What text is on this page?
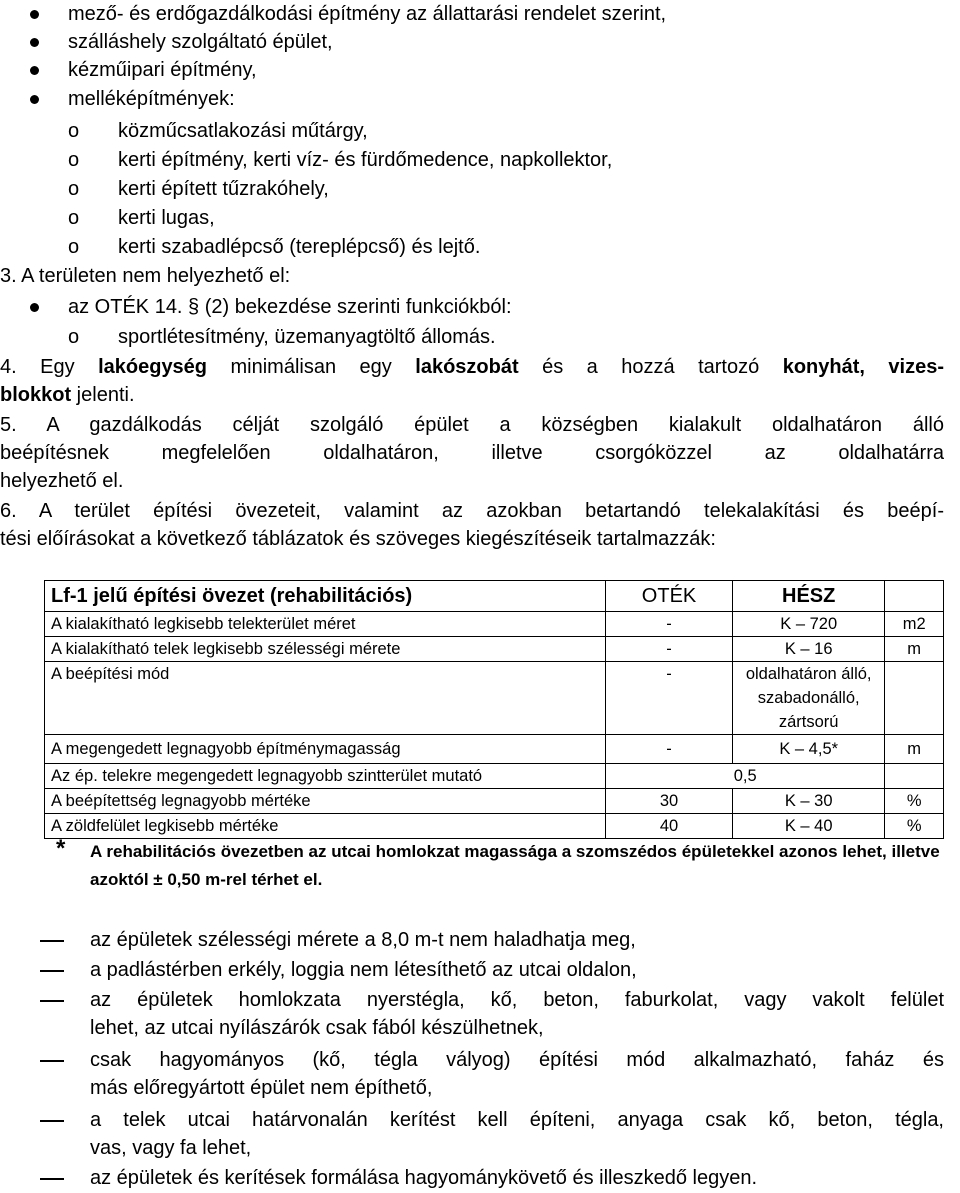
mező- és erdőgazdálkodási építmény az állattarási rendelet szerint,
szálláshely szolgáltató épület,
kézműipari építmény,
melléképítmények:
o közműcsatlakozási műtárgy,
o kerti építmény, kerti víz- és fürdőmedence, napkollektor,
o kerti épített tűzrakóhely,
o kerti lugas,
o kerti szabadlépcső (tereplépcső) és lejtő.
3. A területen nem helyezhető el:
az OTÉK 14. § (2) bekezdése szerinti funkciókból:
o sportlétesítmény, üzemanyagtöltő állomás.
4. Egy lakóegység minimálisan egy lakószobát és a hozzá tartozó konyhát, vizes-
blokkot jelenti.
5. A gazdálkodás célját szolgáló épület a községben kialakult oldalhatáron álló
beépítésnek megfelelően oldalhatáron, illetve csorgóközzel az oldalhatárra
helyezhető el.
6. A terület építési övezeteit, valamint az azokban betartandó telekalakítási és beépí-
tési előírásokat a következő táblázatok és szöveges kiegészítéseik tartalmazzák:
Lf-1 jelű építési övezet (rehabilitációs)	OTÉK	HÉSZ	
A kialakítható legkisebb telekterület méret	-	K – 720	m2
A kialakítható telek legkisebb szélességi mérete	-	K – 16	m
A beépítési mód	-	oldalhatáron álló, szabadonálló, zártsorú	
A megengedett legnagyobb építménymagasság	-	K – 4,5*	m
Az ép. telekre megengedett legnagyobb szintterület mutató	0,5		
A beépítettség legnagyobb mértéke	30	K – 30	%
A zöldfelület legkisebb mértéke	40	K – 40	%
* A rehabilitációs övezetben az utcai homlokzat magassága a szomszédos épületekkel azonos lehet, illetve azoktól ± 0,50 m-rel térhet el.
az épületek szélességi mérete a 8,0 m-t nem haladhatja meg,
a padlástérben erkély, loggia nem létesíthető az utcai oldalon,
az épületek homlokzata nyerstégla, kő, beton, faburkolat, vagy vakolt felület
lehet, az utcai nyílászárók csak fából készülhetnek,
csak hagyományos (kő, tégla vályog) építési mód alkalmazható, faház és
más előregyártott épület nem építhető,
a telek utcai határvonalán kerítést kell építeni, anyaga csak kő, beton, tégla,
vas, vagy fa lehet,
az épületek és kerítések formálása hagyománykövető és illeszkedő legyen.
